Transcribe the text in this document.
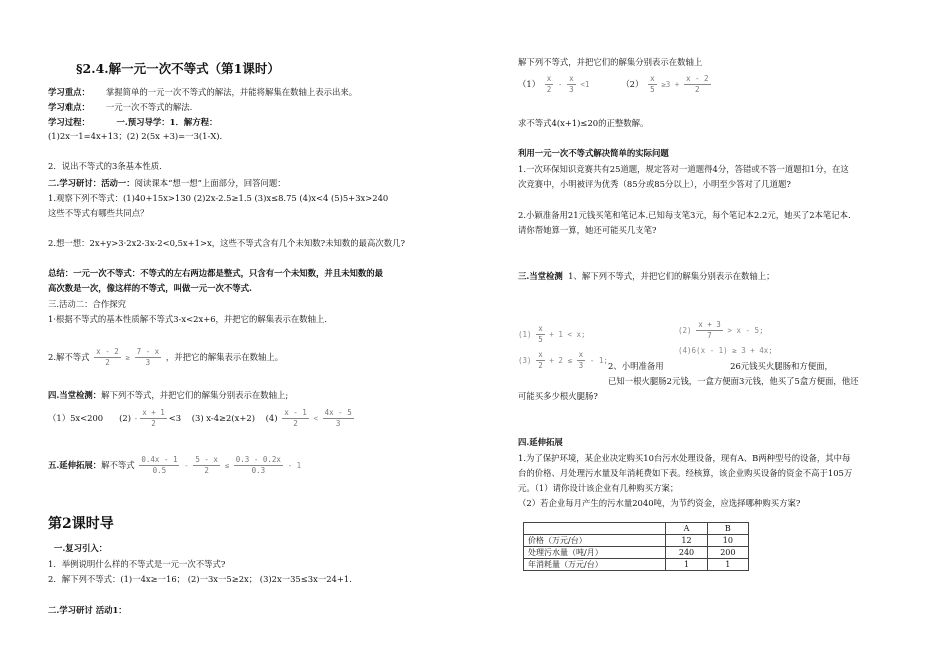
§2.4.解一元一次不等式（第1课时）
学习重点： 掌握简单的一元一次不等式的解法，并能将解集在数轴上表示出来。
学习难点： 一元一次不等式的解法.
学习过程：	一.预习导学：1．解方程：
(1)2x一1=4x+13；(2) 2(5x +3)=一3(1-X)．
2．说出不等式的3条基本性质．
二.学习研讨：活动一：阅读课本“想一想”上面部分，回答问题：
1.观察下列不等式：(1)40+15x>130 (2)2x-2.5≥1.5 (3)x≤8.75 (4)x<4 (5)5+3x>240
这些不等式有哪些共同点？
2.想一想：2x+y>3·2x2-3x-2<0,5x+1>x，这些不等式含有几个未知数?未知数的最高次数几?
总结：一元一次不等式：不等式的左右两边都是整式，只含有一个未知数，并且未知数的最
高次数是一次，像这样的不等式，叫做一元一次不等式.
三.活动二：合作探究
1·根据不等式的基本性质解不等式3-x<2x+6，并把它的解集表示在数轴上．
2.解不等式 $\frac{x - 2}{2} \ge \frac{7 - x}{3}$ ，并把它的解集表示在数轴上。
四.当堂检测：解下列不等式，并把它们的解集分别表示在数轴上;
（1）5x<200 $(2) - \frac{x + 1}{2} <3$ (3) x-4≥2(x+2) $(4) \frac{x - 1}{2} < \frac{4x - 5}{3}$
五.延伸拓展：解不等式 $\frac{0.4x - 1}{0.5} - \frac{5 - x}{2} \le \frac{0.3 - 0.2x}{0.3} - 1$
第2课时导
一.复习引入：
1．举例说明什么样的不等式是一元一次不等式?
2．解下列不等式：(1)一4x≥一16； (2)一3x一5≥2x； (3)2x一35≤3x一24+1.
二.学习研讨 活动1：
解下列不等式，并把它们的解集分别表示在数轴上
$(1) \frac{x}{2} - \frac{x}{3} <1$	$(2) \frac{x}{5} \ge 3 + \frac{x - 2}{2}$
求不等式4(x+1)≤20的正整数解。
利用一元一次不等式解决简单的实际问题
1.一次环保知识竞赛共有25道题，规定答对一道题得4分，答错或不答一道题扣1分，在这
次竞赛中，小明被评为优秀（85分或85分以上），小明至少答对了几道题?
2.小颖准备用21元钱买笔和笔记本.已知每支笔3元，每个笔记本2.2元，她买了2本笔记本.
请你帮她算一算，她还可能买几支笔?
三.当堂检测 1、解下列不等式，并把它们的解集分别表示在数轴上；
$(1) \frac{x}{5} + 1 < x$;	$(2) \frac{x + 3}{7} > x - 5$;
$(3) \frac{x}{2} + 2 \le \frac{x}{3} - 1$;
(4)6(x - 1) ≥ 3 + 4x;
2、小明准备用	26元钱买火腿肠和方便面，
已知一根火腿肠2元钱，一盒方便面3元钱，他买了5盒方便面，他还
可能买多少根火腿肠?
四.延伸拓展
1.为了保护环境，某企业决定购买10台污水处理设备，现有A、B两种型号的设备，其中每
台的价格、月处理污水量及年消耗费如下表。经核算，该企业购买设备的资金不高于105万
元。（1）请你设计该企业有几种购买方案；
（2）若企业每月产生的污水量2040吨，为节约资金，应选择哪种购买方案?
	A	B
价格（万元/台）	12	10
处理污水量（吨/月）	240	200
年消耗量（万元/台）	1	1
